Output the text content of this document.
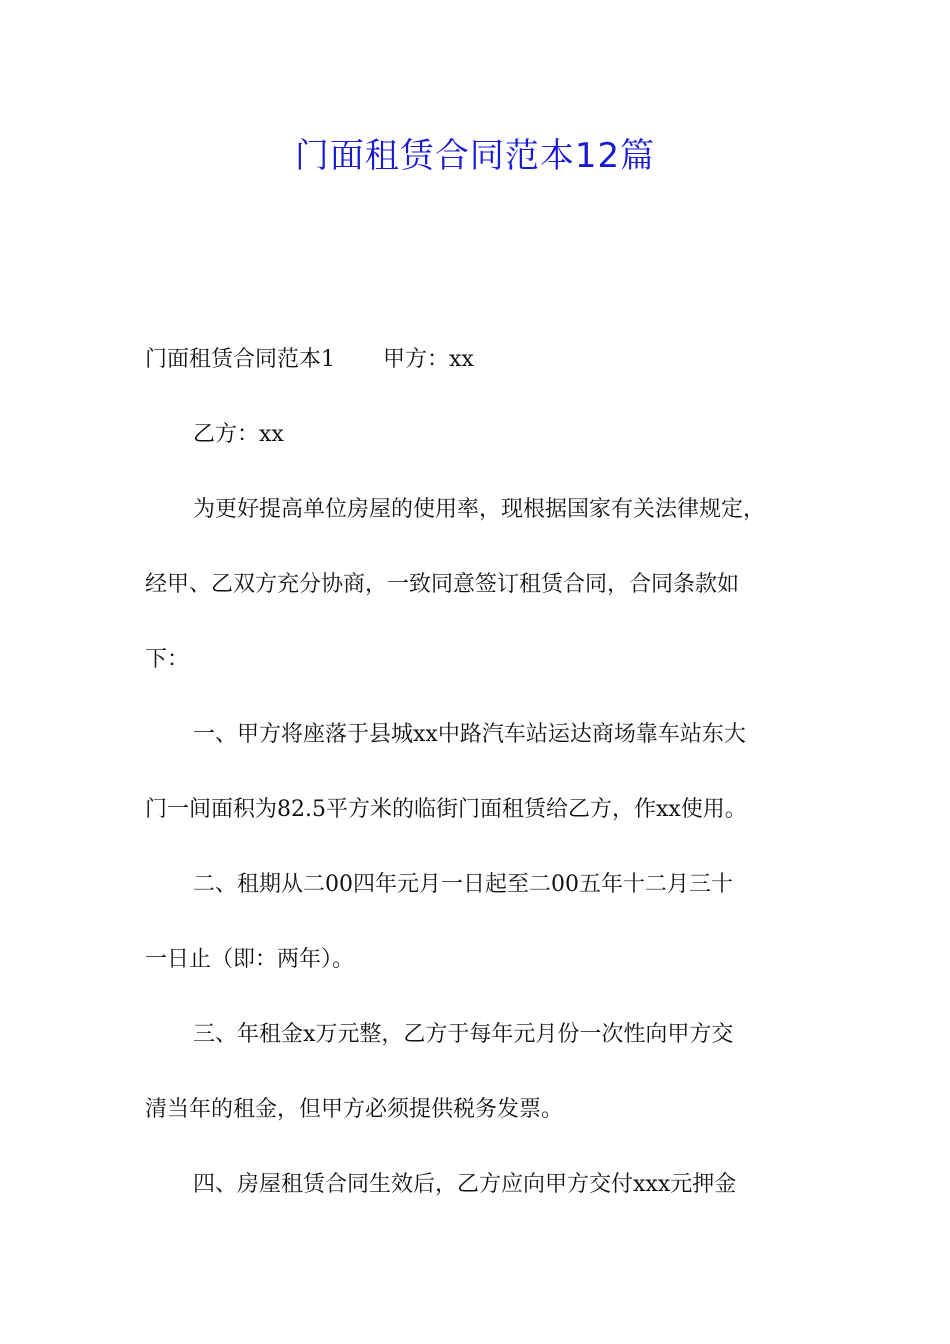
门面租赁合同范本12篇
门面租赁合同范本1 甲方：xx
乙方：xx
为更好提高单位房屋的使用率，现根据国家有关法律规定，
经甲、乙双方充分协商，一致同意签订租赁合同，合同条款如
下：
一、甲方将座落于县城xx中路汽车站运达商场靠车站东大
门一间面积为82.5平方米的临街门面租赁给乙方，作xx使用。
二、租期从二00四年元月一日起至二00五年十二月三十
一日止（即：两年）。
三、年租金x万元整，乙方于每年元月份一次性向甲方交
清当年的租金，但甲方必须提供税务发票。
四、房屋租赁合同生效后，乙方应向甲方交付xxx元押金
